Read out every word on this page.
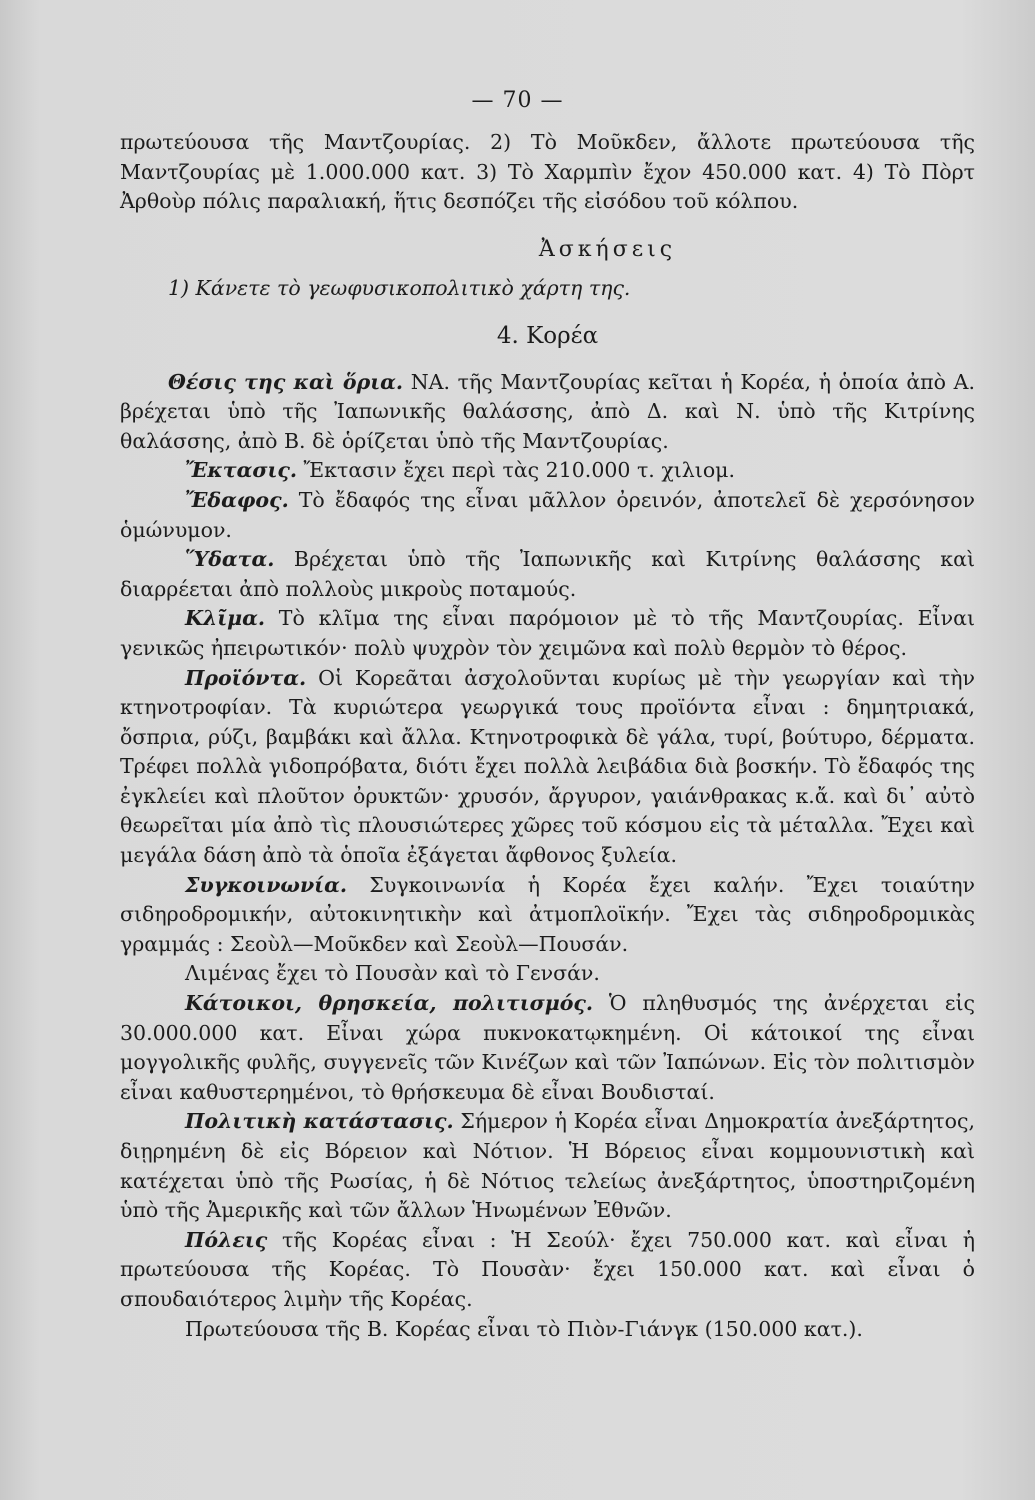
— 70 —

πρωτεύουσα τῆς Μαντζουρίας. 2) Τὸ Μοῦκδεν, ἄλλοτε πρωτεύουσα τῆς Μαντζουρίας μὲ 1.000.000 κατ. 3) Τὸ Χαρμπὶν ἔχον 450.000 κατ. 4) Τὸ Πὸρτ Ἀρθοὺρ πόλις παραλιακή, ἥτις δεσπόζει τῆς εἰσόδου τοῦ κόλπου.

Ἀσκήσεις

1) Κάνετε τὸ γεωφυσικοπολιτικὸ χάρτη της.

4. Κορέα

Θέσις της καὶ ὅρια. ΝΑ. τῆς Μαντζουρίας κεῖται ἡ Κορέα, ἡ ὁποία ἀπὸ Α. βρέχεται ὑπὸ τῆς Ἰαπωνικῆς θαλάσσης, ἀπὸ Δ. καὶ Ν. ὑπὸ τῆς Κιτρίνης θαλάσσης, ἀπὸ Β. δὲ ὁρίζεται ὑπὸ τῆς Μαντζουρίας.

Ἔκτασις. Ἔκτασιν ἔχει περὶ τὰς 210.000 τ. χιλιομ.

Ἔδαφος. Τὸ ἔδαφός της εἶναι μᾶλλον ὀρεινόν, ἀποτελεῖ δὲ χερσόνησον ὁμώνυμον.

Ὕδατα. Βρέχεται ὑπὸ τῆς Ἰαπωνικῆς καὶ Κιτρίνης θαλάσσης καὶ διαρρέεται ἀπὸ πολλοὺς μικροὺς ποταμούς.

Κλῖμα. Τὸ κλῖμα της εἶναι παρόμοιον μὲ τὸ τῆς Μαντζουρίας. Εἶναι γενικῶς ἠπειρωτικόν· πολὺ ψυχρὸν τὸν χειμῶνα καὶ πολὺ θερμὸν τὸ θέρος.

Προϊόντα. Οἱ Κορεᾶται ἀσχολοῦνται κυρίως μὲ τὴν γεωργίαν καὶ τὴν κτηνοτροφίαν. Τὰ κυριώτερα γεωργικά τους προϊόντα εἶναι : δημητριακά, ὄσπρια, ρύζι, βαμβάκι καὶ ἄλλα. Κτηνοτροφικὰ δὲ γάλα, τυρί, βούτυρο, δέρματα. Τρέφει πολλὰ γιδοπρόβατα, διότι ἔχει πολλὰ λειβάδια διὰ βοσκήν. Τὸ ἔδαφός της ἐγκλείει καὶ πλοῦτον ὀρυκτῶν· χρυσόν, ἄργυρον, γαιάνθρακας κ.ἄ. καὶ δι᾽ αὐτὸ θεωρεῖται μία ἀπὸ τὶς πλουσιώτερες χῶρες τοῦ κόσμου εἰς τὰ μέταλλα. Ἔχει καὶ μεγάλα δάση ἀπὸ τὰ ὁποῖα ἐξάγεται ἄφθονος ξυλεία.

Συγκοινωνία. Συγκοινωνία ἡ Κορέα ἔχει καλήν. Ἔχει τοιαύτην σιδηροδρομικήν, αὐτοκινητικὴν καὶ ἀτμοπλοϊκήν. Ἔχει τὰς σιδηροδρομικὰς γραμμάς : Σεοὺλ—Μοῦκδεν καὶ Σεοὺλ—Πουσάν.

Λιμένας ἔχει τὸ Πουσὰν καὶ τὸ Γενσάν.

Κάτοικοι, θρησκεία, πολιτισμός. Ὁ πληθυσμός της ἀνέρχεται εἰς 30.000.000 κατ. Εἶναι χώρα πυκνοκατῳκημένη. Οἱ κάτοικοί της εἶναι μογγολικῆς φυλῆς, συγγενεῖς τῶν Κινέζων καὶ τῶν Ἰαπώνων. Εἰς τὸν πολιτισμὸν εἶναι καθυστερημένοι, τὸ θρήσκευμα δὲ εἶναι Βουδισταί.

Πολιτικὴ κατάστασις. Σήμερον ἡ Κορέα εἶναι Δημοκρατία ἀνεξάρτητος, διῃρημένη δὲ εἰς Βόρειον καὶ Νότιον. Ἡ Βόρειος εἶναι κομμουνιστικὴ καὶ κατέχεται ὑπὸ τῆς Ρωσίας, ἡ δὲ Νότιος τελείως ἀνεξάρτητος, ὑποστηριζομένη ὑπὸ τῆς Ἀμερικῆς καὶ τῶν ἄλλων Ἡνωμένων Ἐθνῶν.

Πόλεις τῆς Κορέας εἶναι : Ἡ Σεούλ· ἔχει 750.000 κατ. καὶ εἶναι ἡ πρωτεύουσα τῆς Κορέας. Τὸ Πουσὰν· ἔχει 150.000 κατ. καὶ εἶναι ὁ σπουδαιότερος λιμὴν τῆς Κορέας.

Πρωτεύουσα τῆς Β. Κορέας εἶναι τὸ Πιὸν-Γιάνγκ (150.000 κατ.).
